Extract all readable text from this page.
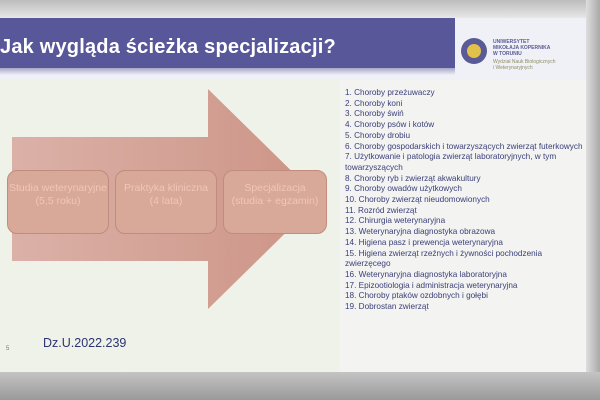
Jak wygląda ścieżka specjalizacji?	UNIWERSYTET
MIKOŁAJA KOPERNIKA
W TORUNIU
Wydział Nauk Biologicznych
i Weterynaryjnych
Studia weterynaryjne
(5,5 roku)
Praktyka kliniczna
(4 lata)
Specjalizacja
(studia + egzamin)
Dz.U.2022.239
5
1. Choroby przeżuwaczy
2. Choroby koni
3. Choroby świń
4. Choroby psów i kotów
5. Choroby drobiu
6. Choroby gospodarskich i towarzyszących zwierząt futerkowych
7. Użytkowanie i patologia zwierząt laboratoryjnych, w tym towarzyszących
8. Choroby ryb i zwierząt akwakultury
9. Choroby owadów użytkowych
10. Choroby zwierząt nieudomowionych
11. Rozród zwierząt
12. Chirurgia weterynaryjna
13. Weterynaryjna diagnostyka obrazowa
14. Higiena pasz i prewencja weterynaryjna
15. Higiena zwierząt rzeźnych i żywności pochodzenia zwierzęcego
16. Weterynaryjna diagnostyka laboratoryjna
17. Epizootiologia i administracja weterynaryjna
18. Choroby ptaków ozdobnych i gołębi
19. Dobrostan zwierząt
